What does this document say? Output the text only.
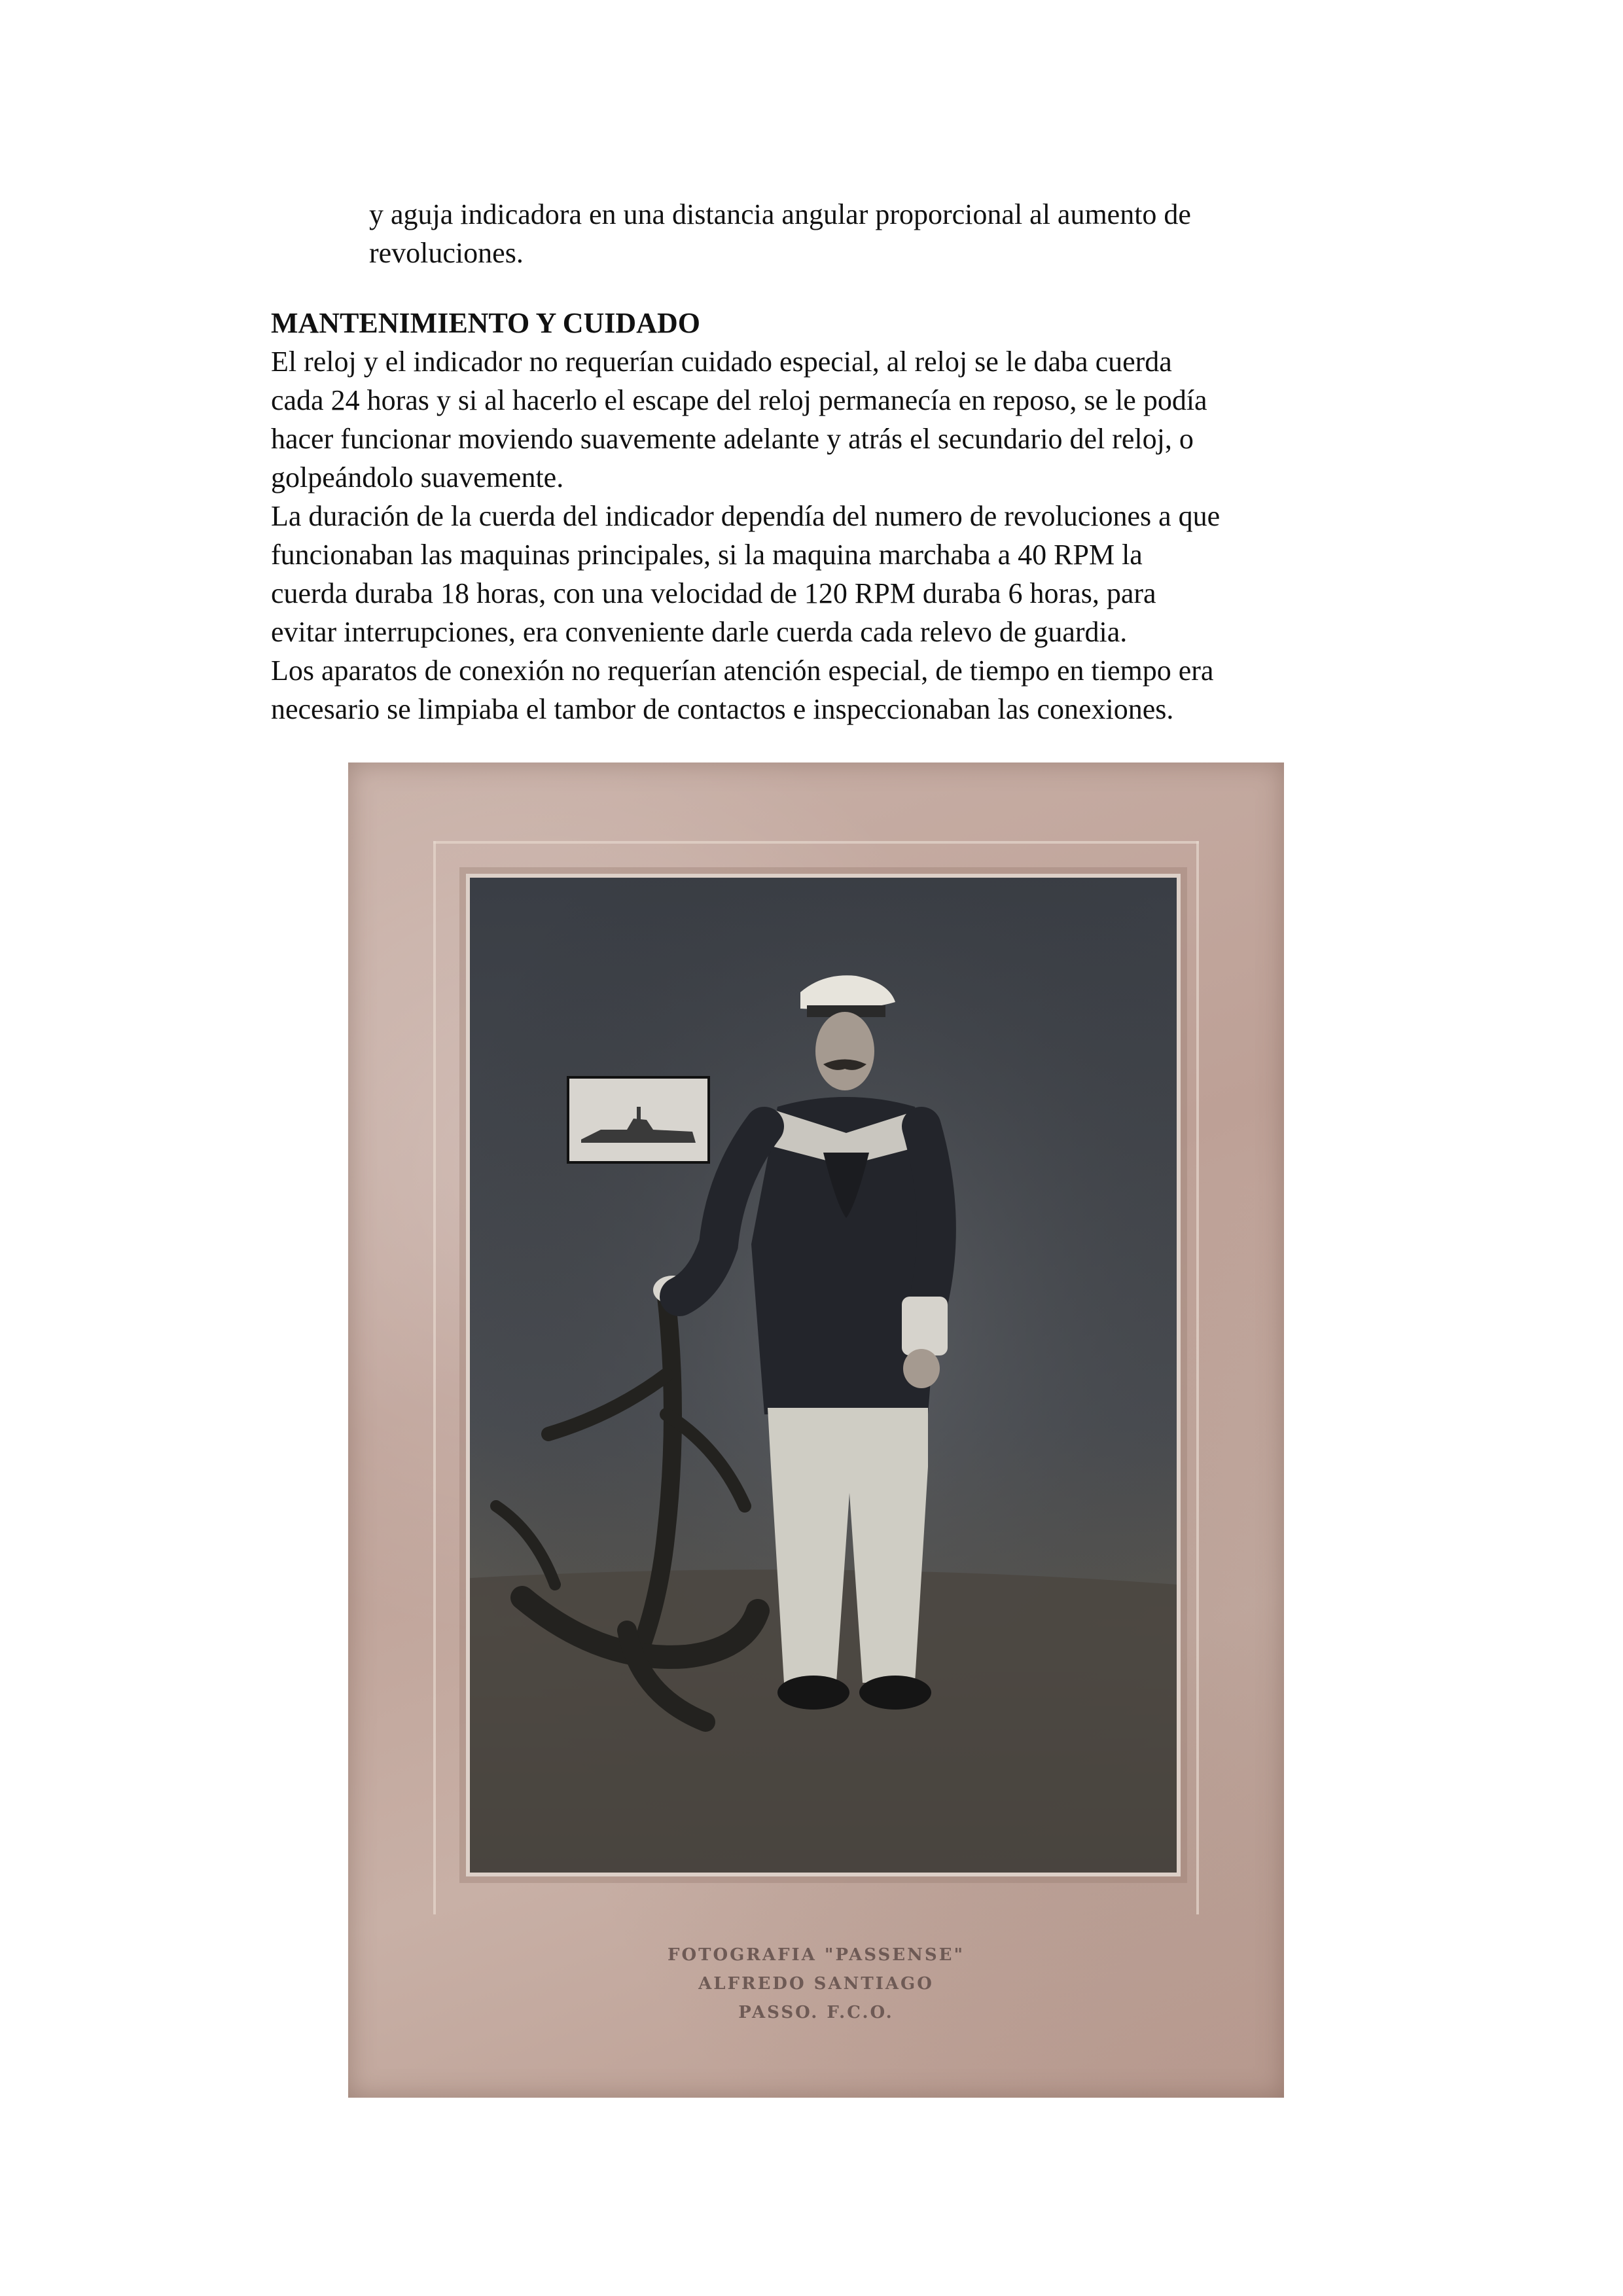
y aguja indicadora en una distancia angular proporcional al aumento de
revoluciones.
MANTENIMIENTO Y CUIDADO
El reloj y el indicador no requerían cuidado especial, al reloj se le daba cuerda
cada 24 horas y si al hacerlo el escape del reloj permanecía en reposo, se le podía
hacer funcionar moviendo suavemente adelante y atrás el secundario del reloj, o
golpeándolo suavemente.
La duración de la cuerda del indicador dependía del numero de revoluciones a que
funcionaban las maquinas principales, si la maquina marchaba a 40 RPM la
cuerda duraba 18 horas, con una velocidad de 120 RPM duraba 6 horas, para
evitar interrupciones, era conveniente darle cuerda cada relevo de guardia.
Los aparatos de conexión no requerían atención especial, de tiempo en tiempo era
necesario se limpiaba el tambor de contactos e inspeccionaban las conexiones.
FOTOGRAFIA "PASSENSE"
ALFREDO SANTIAGO
PASSO. F.C.O.
